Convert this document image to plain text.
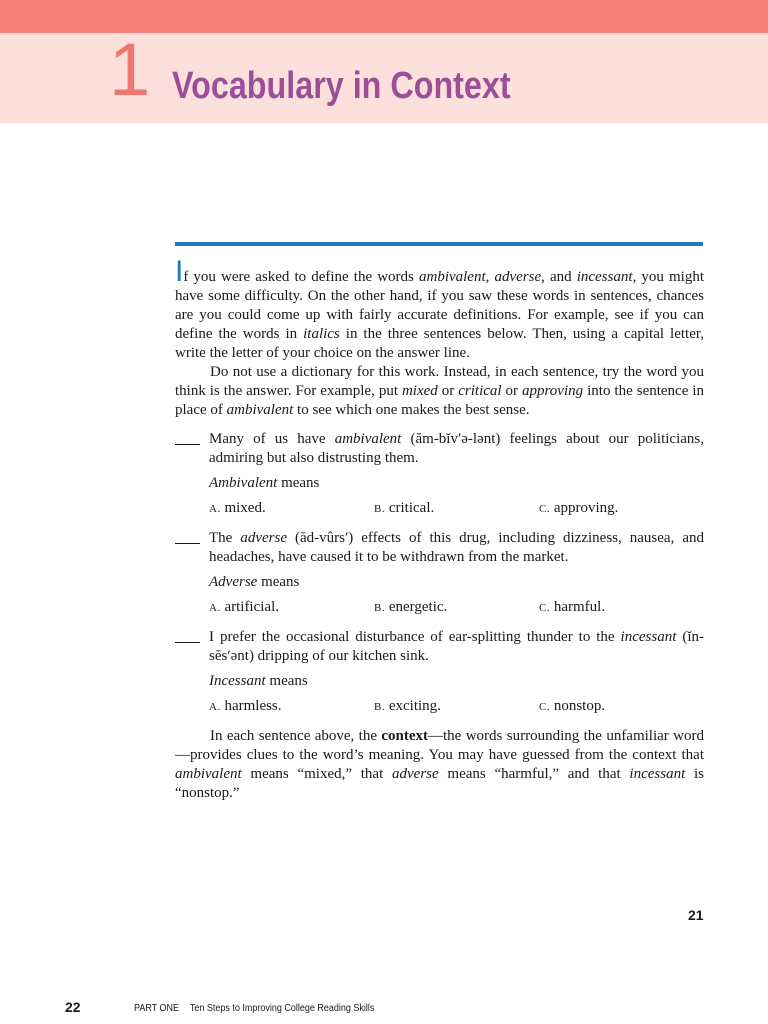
1 Vocabulary in Context

If you were asked to define the words ambivalent, adverse, and incessant, you might have some difficulty. On the other hand, if you saw these words in sentences, chances are you could come up with fairly accurate definitions. For example, see if you can define the words in italics in the three sentences below. Then, using a capital letter, write the letter of your choice on the answer line.

Do not use a dictionary for this work. Instead, in each sentence, try the word you think is the answer. For example, put mixed or critical or approving into the sentence in place of ambivalent to see which one makes the best sense.

Many of us have ambivalent (ăm-bĭv′ə-lənt) feelings about our politicians, admiring but also distrusting them.
Ambivalent means
A. mixed.	B. critical.	C. approving.
The adverse (ăd-vûrs′) effects of this drug, including dizziness, nausea, and headaches, have caused it to be withdrawn from the market.
Adverse means
A. artificial.	B. energetic.	C. harmful.
I prefer the occasional disturbance of ear-splitting thunder to the incessant (ĭn-sĕs′ənt) dripping of our kitchen sink.
Incessant means
A. harmless.	B. exciting.	C. nonstop.

In each sentence above, the context—the words surrounding the unfamiliar word—provides clues to the word’s meaning. You may have guessed from the context that ambivalent means “mixed,” that adverse means “harmful,” and that incessant is “nonstop.”

21
22	PART ONE Ten Steps to Improving College Reading Skills
